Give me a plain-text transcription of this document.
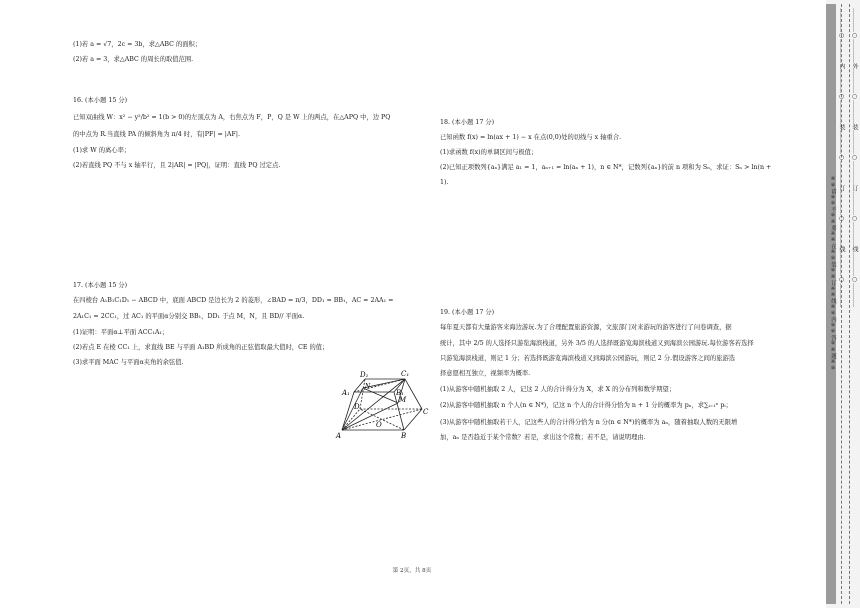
(1)若 a = √7，2c = 3b，求△ABC 的面积；
(2)若 a = 3，求△ABC 的周长的取值范围.
16. (本小题 15 分)
已知双曲线 W：x² − y²/b² = 1(b > 0)的左顶点为 A，右焦点为 F，P，Q 是 W 上的两点，在△APQ 中，边 PQ
的中点为 R.当直线 PA 的倾斜角为 π/4 时，有|PF| = |AF|.
(1)求 W 的离心率；
(2)若直线 PQ 不与 x 轴平行，且 2|AR| = |PQ|，证明：直线 PQ 过定点.
17. (本小题 15 分)
在四棱台 A₁B₁C₁D₁ − ABCD 中，底面 ABCD 是边长为 2 的菱形，∠BAD = π/3，DD₁ = BB₁，AC = 2AA₁ =
2A₁C₁ = 2CC₁，过 AC₁ 的平面α分别交 BB₁，DD₁ 于点 M，N，且 BD// 平面α.
(1)证明：平面α⊥平面 ACC₁A₁；
(2)若点 E 在棱 CC₁ 上，求直线 BE 与平面 A₁BD 所成角的正弦值取最大值时，CE 的值；
(3)求平面 MAC 与平面α夹角的余弦值.
D₁	C₁
A₁	B₁
N
M
D
C
O
A	B
18. (本小题 17 分)
已知函数 f(x) = ln(ax + 1) − x 在点(0,0)处的切线与 x 轴重合.
(1)求函数 f(x)的单调区间与极值；
(2)已知正项数列{aₙ}满足 a₁ = 1，aₙ₊₁ = ln(aₙ + 1)，n ∈ N*，记数列{aₙ}的前 n 项和为 Sₙ，求证：Sₙ > ln(n +
1).
19. (本小题 17 分)
每年夏天都有大量游客来海边游玩.为了合理配置旅游资源，文旅部门对来游玩的游客进行了问卷调查，据
统计，其中 2/5 的人选择只游览海滨栈道，另外 3/5 的人选择既游览海滨栈道又到海滨公园游玩.每位游客若选择
只游览海滨栈道，则记 1 分；若选择既游览海滨栈道又到海滨公园游玩，则记 2 分.假设游客之间的旅游选
择意愿相互独立，视频率为概率.
(1)从游客中随机抽取 2 人，记这 2 人的合计得分为 X，求 X 的分布列和数学期望；
(2)从游客中随机抽取 n 个人(n ∈ N*)，记这 n 个人的合计得分恰为 n + 1 分的概率为 pₙ，求∑ᵢ₌₁ⁿ pᵢ；
(3)从游客中随机抽取若干人，记这些人的合计得分恰为 n 分(n ∈ N*)的概率为 aₙ，随着抽取人数的无限增
加，aₙ 是否趋近于某个常数？若是，求出这个常数；若不是，请说明理由.
第 2页，共 8页
…………○…………内…………○…………装…………○…………订…………○…………线…………○…………
※※请※※不※※要※※在※※装※※订※※线※※内※※答※※题※※	…………○…………外…………○…………装…………○…………订…………○…………线…………○…………
